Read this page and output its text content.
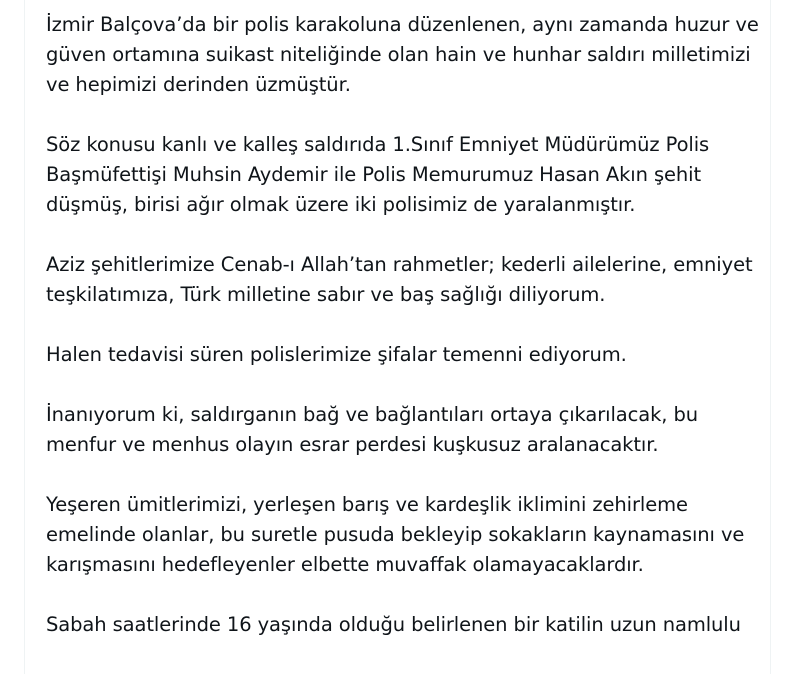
İzmir Balçova’da bir polis karakoluna düzenlenen, aynı zamanda huzur ve
güven ortamına suikast niteliğinde olan hain ve hunhar saldırı milletimizi
ve hepimizi derinden üzmüştür.

Söz konusu kanlı ve kalleş saldırıda 1.Sınıf Emniyet Müdürümüz Polis
Başmüfettişi Muhsin Aydemir ile Polis Memurumuz Hasan Akın şehit
düşmüş, birisi ağır olmak üzere iki polisimiz de yaralanmıştır.

Aziz şehitlerimize Cenab-ı Allah’tan rahmetler; kederli ailelerine, emniyet
teşkilatımıza, Türk milletine sabır ve baş sağlığı diliyorum.

Halen tedavisi süren polislerimize şifalar temenni ediyorum.

İnanıyorum ki, saldırganın bağ ve bağlantıları ortaya çıkarılacak, bu
menfur ve menhus olayın esrar perdesi kuşkusuz aralanacaktır.

Yeşeren ümitlerimizi, yerleşen barış ve kardeşlik iklimini zehirleme
emelinde olanlar, bu suretle pusuda bekleyip sokakların kaynamasını ve
karışmasını hedefleyenler elbette muvaffak olamayacaklardır.

Sabah saatlerinde 16 yaşında olduğu belirlenen bir katilin uzun namlulu
